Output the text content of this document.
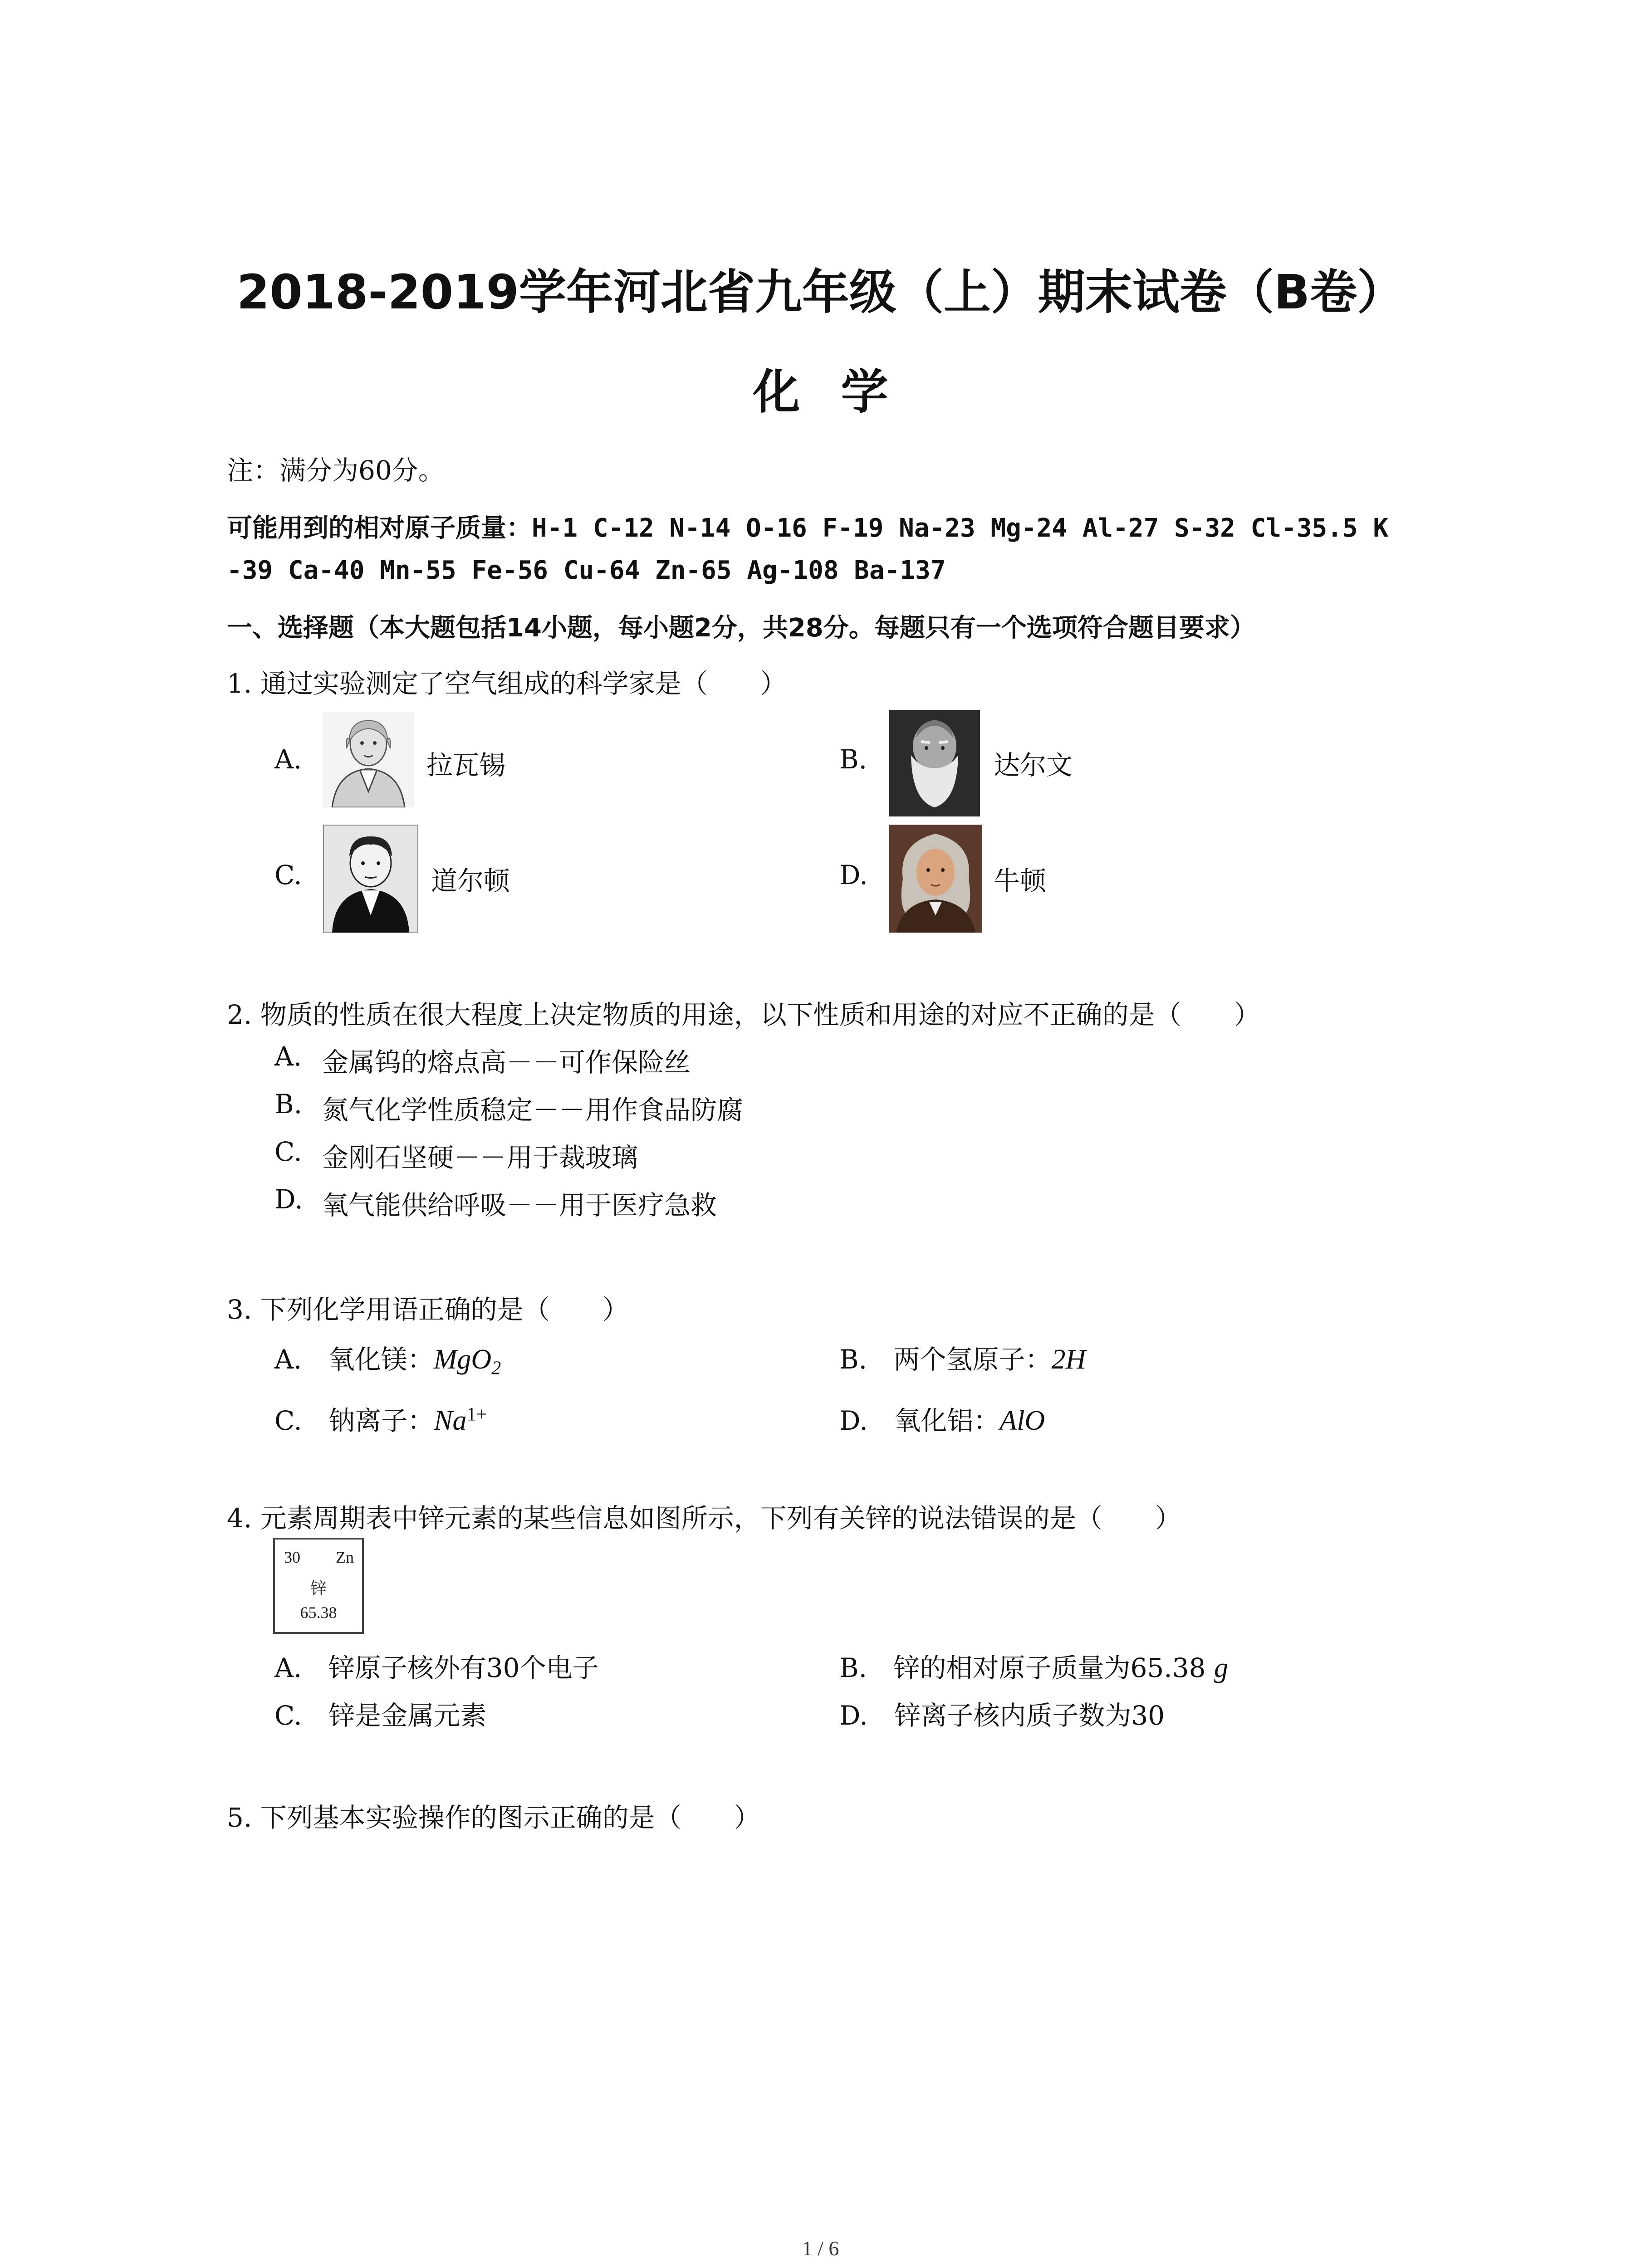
2018-2019学年河北省九年级（上）期末试卷（B卷）
化学
注：满分为60分。
可能用到的相对原子质量：H-1 C-12 N-14 O-16 F-19 Na-23 Mg-24 Al-27 S-32 Cl-35.5 K
-39 Ca-40 Mn-55 Fe-56 Cu-64 Zn-65 Ag-108 Ba-137
一、选择题（本大题包括14小题，每小题2分，共28分。每题只有一个选项符合题目要求）
1. 通过实验测定了空气组成的科学家是（　　）
A.	拉瓦锡	B.	达尔文
C.	道尔顿	D.	牛顿
2. 物质的性质在很大程度上决定物质的用途，以下性质和用途的对应不正确的是（　　）
A. 金属钨的熔点高－－可作保险丝
B. 氮气化学性质稳定－－用作食品防腐
C. 金刚石坚硬－－用于裁玻璃
D. 氧气能供给呼吸－－用于医疗急救
3. 下列化学用语正确的是（　　）
A. 氧化镁：MgO$_2$	B. 两个氢原子：2H
C. 钠离子：$Na^{1+}$	D. 氧化铝：AlO
4. 元素周期表中锌元素的某些信息如图所示，下列有关锌的说法错误的是（　　）
30 Zn
锌
65.38
A. 锌原子核外有30个电子	B. 锌的相对原子质量为65.38 g
C. 锌是金属元素	D. 锌离子核内质子数为30
5. 下列基本实验操作的图示正确的是（　　）
1 / 6
